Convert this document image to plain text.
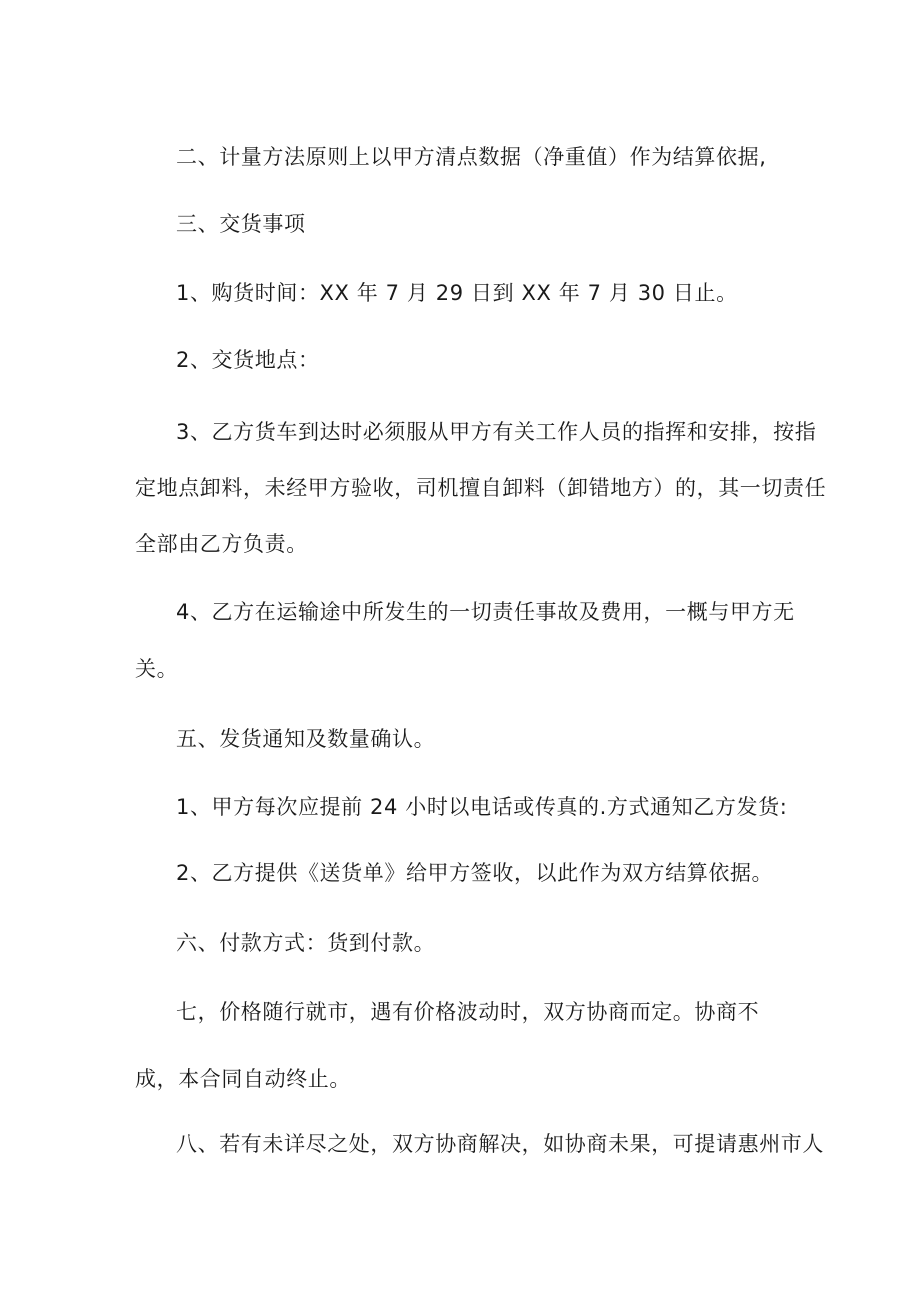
二、计量方法原则上以甲方清点数据（净重值）作为结算依据,
三、交货事项
1、购货时间：XX 年 7 月 29 日到 XX 年 7 月 30 日止。
2、交货地点：
3、乙方货车到达时必须服从甲方有关工作人员的指挥和安排，按指
定地点卸料，未经甲方验收，司机擅自卸料（卸错地方）的，其一切责任
全部由乙方负责。
4、乙方在运输途中所发生的一切责任事故及费用，一概与甲方无
关。
五、发货通知及数量确认。
1、甲方每次应提前 24 小时以电话或传真的.方式通知乙方发货:
2、乙方提供《送货单》给甲方签收，以此作为双方结算依据。
六、付款方式：货到付款。
七，价格随行就市，遇有价格波动时，双方协商而定。协商不
成，本合同自动终止。
八、若有未详尽之处，双方协商解决，如协商未果，可提请惠州市人
